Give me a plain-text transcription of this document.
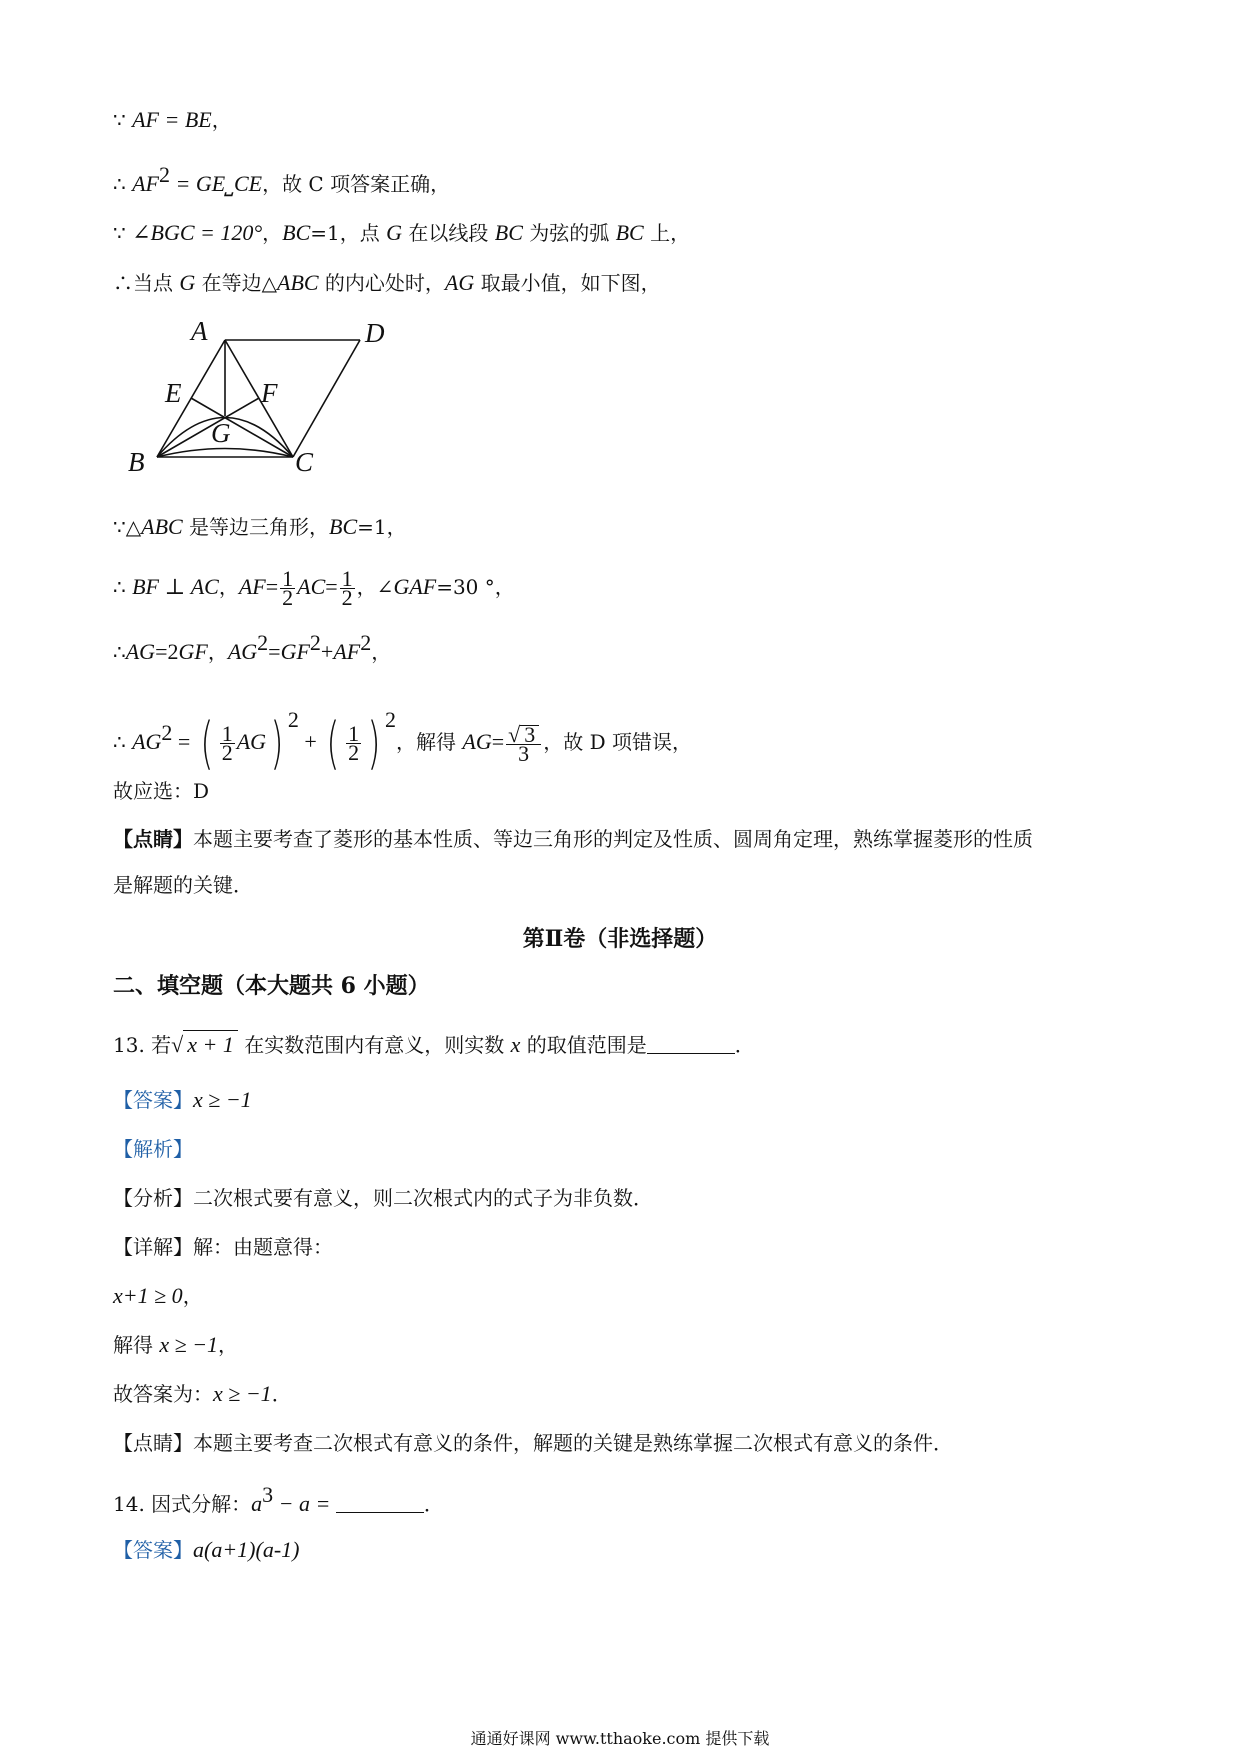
∵ AF = BE，
∴ $AF^2$ = GE⎵CE，故 C 项答案正确，
∵ ∠BGC = 120°，BC=1，点 G 在以线段 BC 为弦的弧 BC 上，
∴当点 G 在等边△ABC 的内心处时，AG 取最小值，如下图，
A	D
E	F
G
B	C
∵△ABC 是等边三角形，BC=1，
∴ BF ⊥ AC，$AF= \frac{1}{2} AC= \frac{1}{2}$ ，∠GAF=30 °，
∴AG=2GF，$AG^2=GF^2+AF^2$，
∴ $AG^2$ = ( $\frac{1}{2} AG$) $^2$ + ( $\frac{1}{2}$ ) $^2$，解得 $AG= \frac{√ 3}{3}$ ，故 D 项错误，
故应选：D
【点睛】本题主要考查了菱形的基本性质、等边三角形的判定及性质、圆周角定理，熟练掌握菱形的性质
是解题的关键．
第Ⅱ卷（非选择题）
二、填空题（本大题共 6 小题）
13. 若√ x + 1 在实数范围内有意义，则实数 x 的取值范围是	．
【答案】x ≥ −1
【解析】
【分析】二次根式要有意义，则二次根式内的式子为非负数．
【详解】解：由题意得：
x+1 ≥ 0，
解得 x ≥ −1，
故答案为：x ≥ −1．
【点睛】本题主要考查二次根式有意义的条件，解题的关键是熟练掌握二次根式有意义的条件．
14. 因式分解：$a^3 - a$ =	．
【答案】a(a+1)(a-1)
通通好课网 www.tthaoke.com 提供下载
